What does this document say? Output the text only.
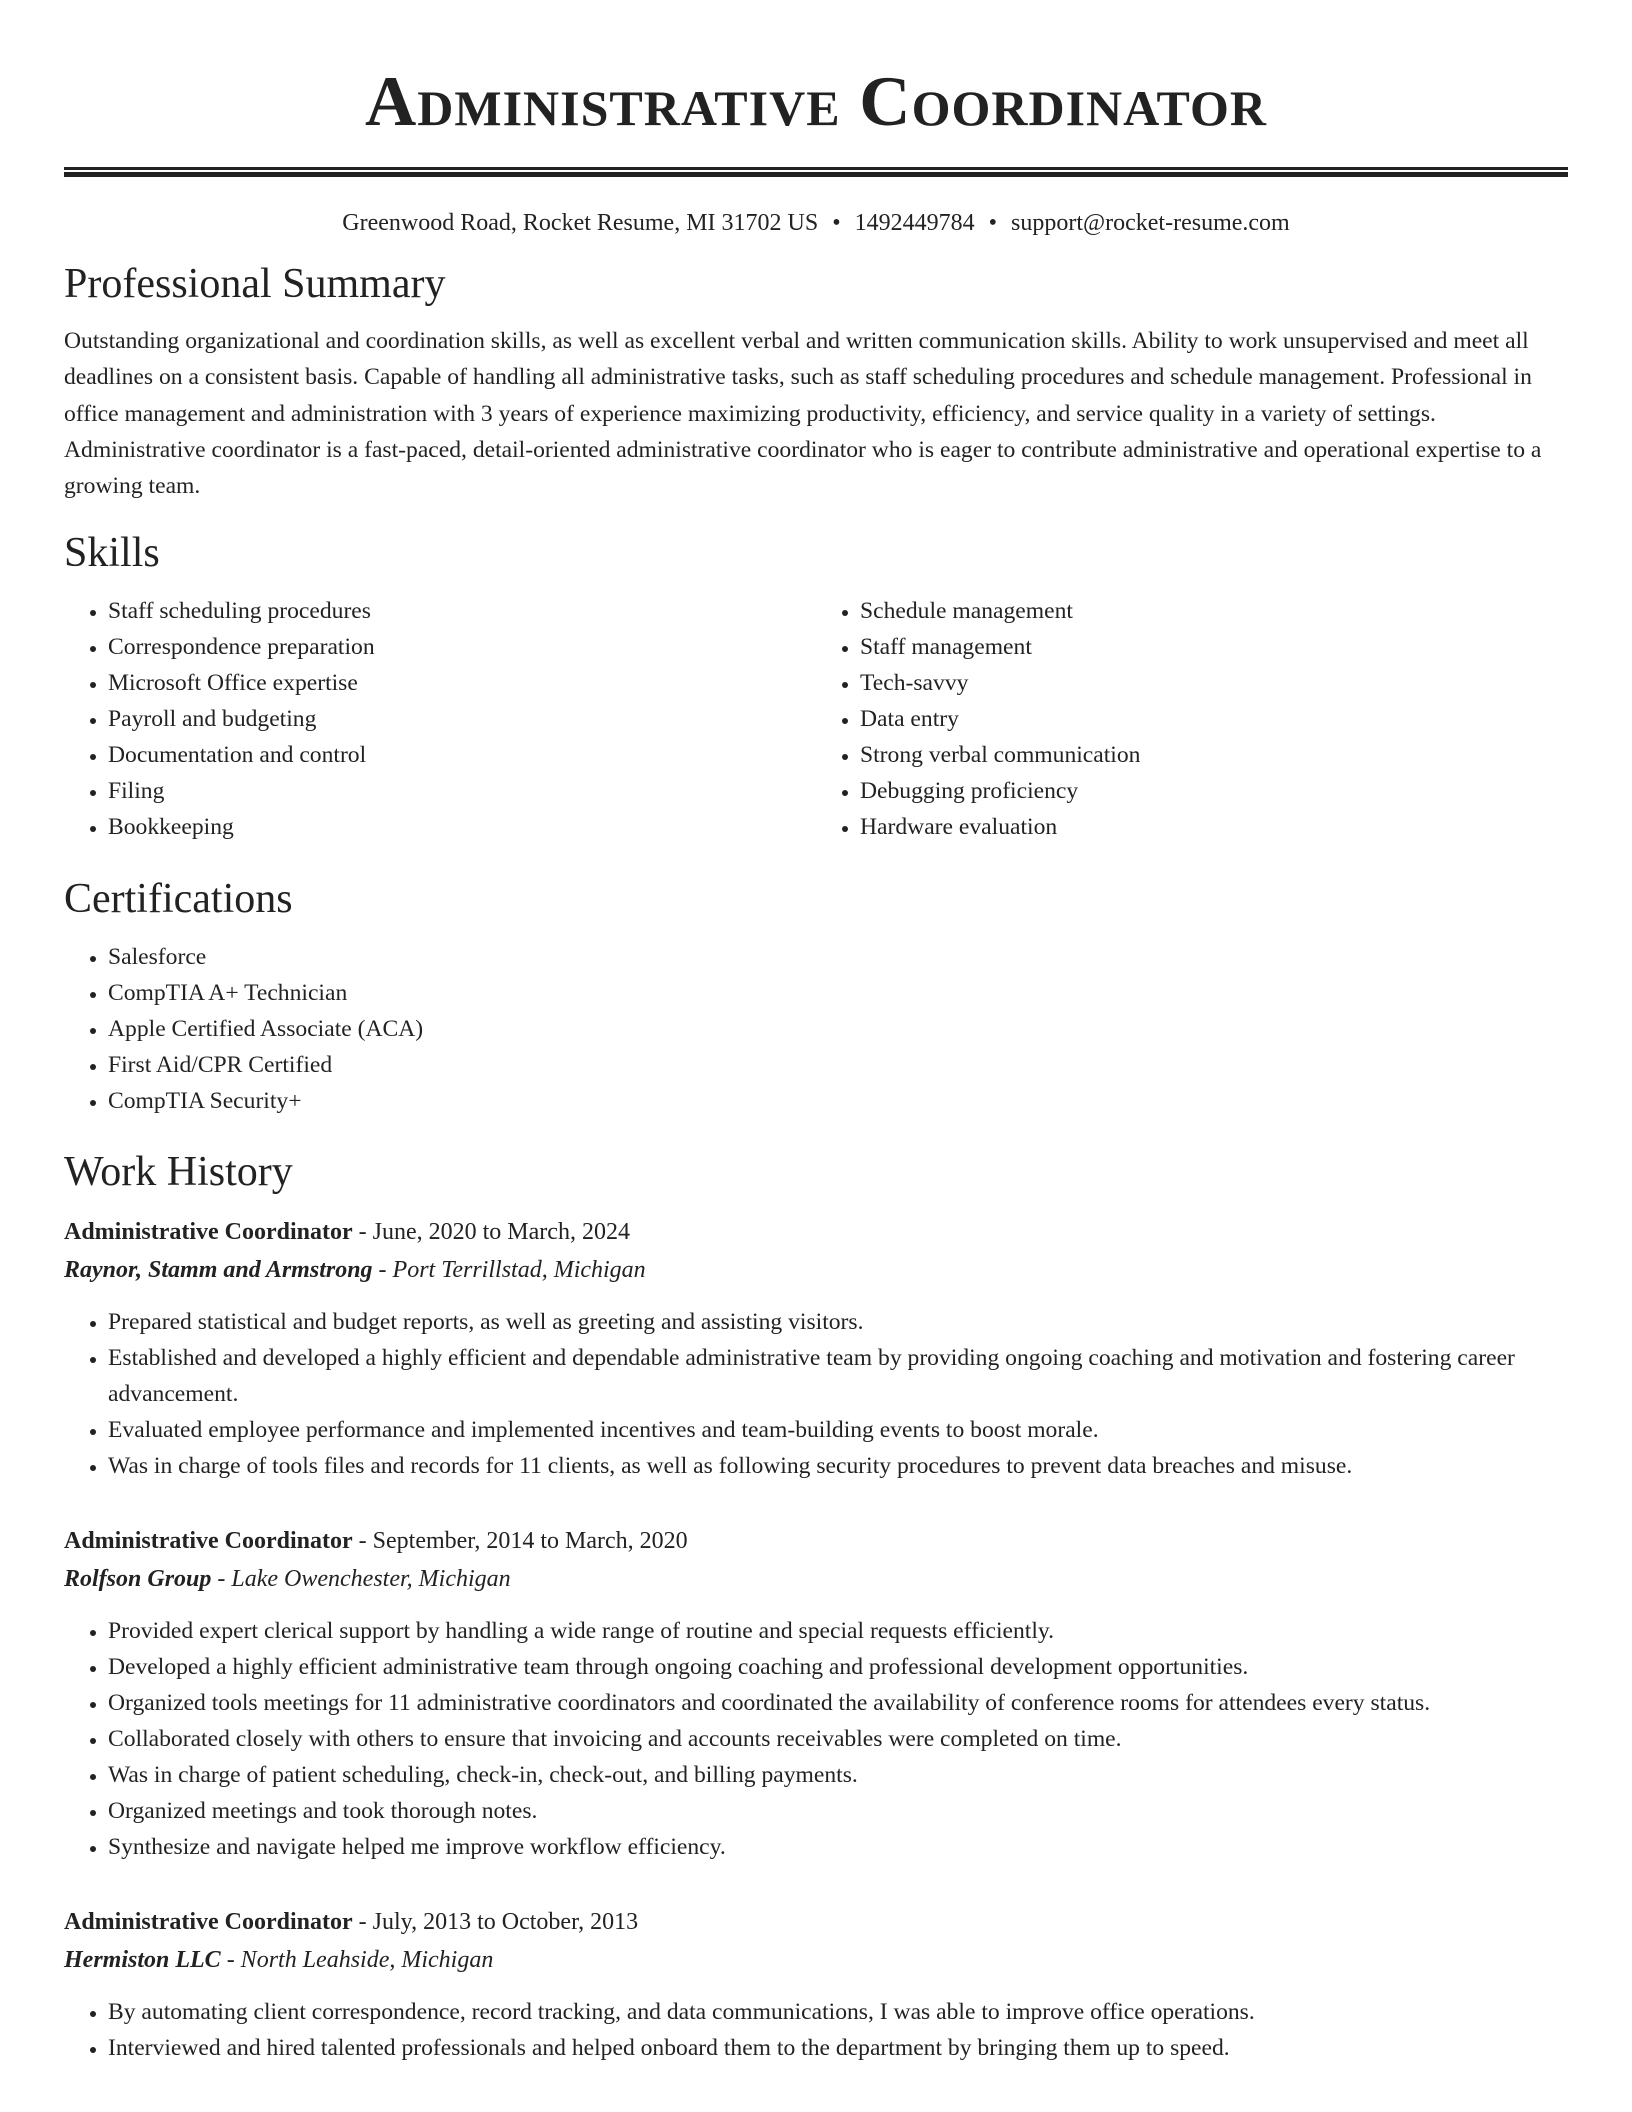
Administrative Coordinator
Greenwood Road, Rocket Resume, MI 31702 US • 1492449784 • support@rocket-resume.com
Professional Summary

Outstanding organizational and coordination skills, as well as excellent verbal and written communication skills. Ability to work unsupervised and meet all deadlines on a consistent basis. Capable of handling all administrative tasks, such as staff scheduling procedures and schedule management. Professional in office management and administration with 3 years of experience maximizing productivity, efficiency, and service quality in a variety of settings. Administrative coordinator is a fast-paced, detail-oriented administrative coordinator who is eager to contribute administrative and operational expertise to a growing team.

Skills
• Staff scheduling procedures
• Correspondence preparation
• Microsoft Office expertise
• Payroll and budgeting
• Documentation and control
• Filing
• Bookkeeping
• Schedule management
• Staff management
• Tech-savvy
• Data entry
• Strong verbal communication
• Debugging proficiency
• Hardware evaluation
Certifications
• Salesforce
• CompTIA A+ Technician
• Apple Certified Associate (ACA)
• First Aid/CPR Certified
• CompTIA Security+
Work History
Administrative Coordinator - June, 2020 to March, 2024
Raynor, Stamm and Armstrong - Port Terrillstad, Michigan
• Prepared statistical and budget reports, as well as greeting and assisting visitors.
• Established and developed a highly efficient and dependable administrative team by providing ongoing coaching and motivation and fostering career advancement.
• Evaluated employee performance and implemented incentives and team-building events to boost morale.
• Was in charge of tools files and records for 11 clients, as well as following security procedures to prevent data breaches and misuse.
Administrative Coordinator - September, 2014 to March, 2020
Rolfson Group - Lake Owenchester, Michigan
• Provided expert clerical support by handling a wide range of routine and special requests efficiently.
• Developed a highly efficient administrative team through ongoing coaching and professional development opportunities.
• Organized tools meetings for 11 administrative coordinators and coordinated the availability of conference rooms for attendees every status.
• Collaborated closely with others to ensure that invoicing and accounts receivables were completed on time.
• Was in charge of patient scheduling, check-in, check-out, and billing payments.
• Organized meetings and took thorough notes.
• Synthesize and navigate helped me improve workflow efficiency.
Administrative Coordinator - July, 2013 to October, 2013
Hermiston LLC - North Leahside, Michigan
• By automating client correspondence, record tracking, and data communications, I was able to improve office operations.
• Interviewed and hired talented professionals and helped onboard them to the department by bringing them up to speed.
